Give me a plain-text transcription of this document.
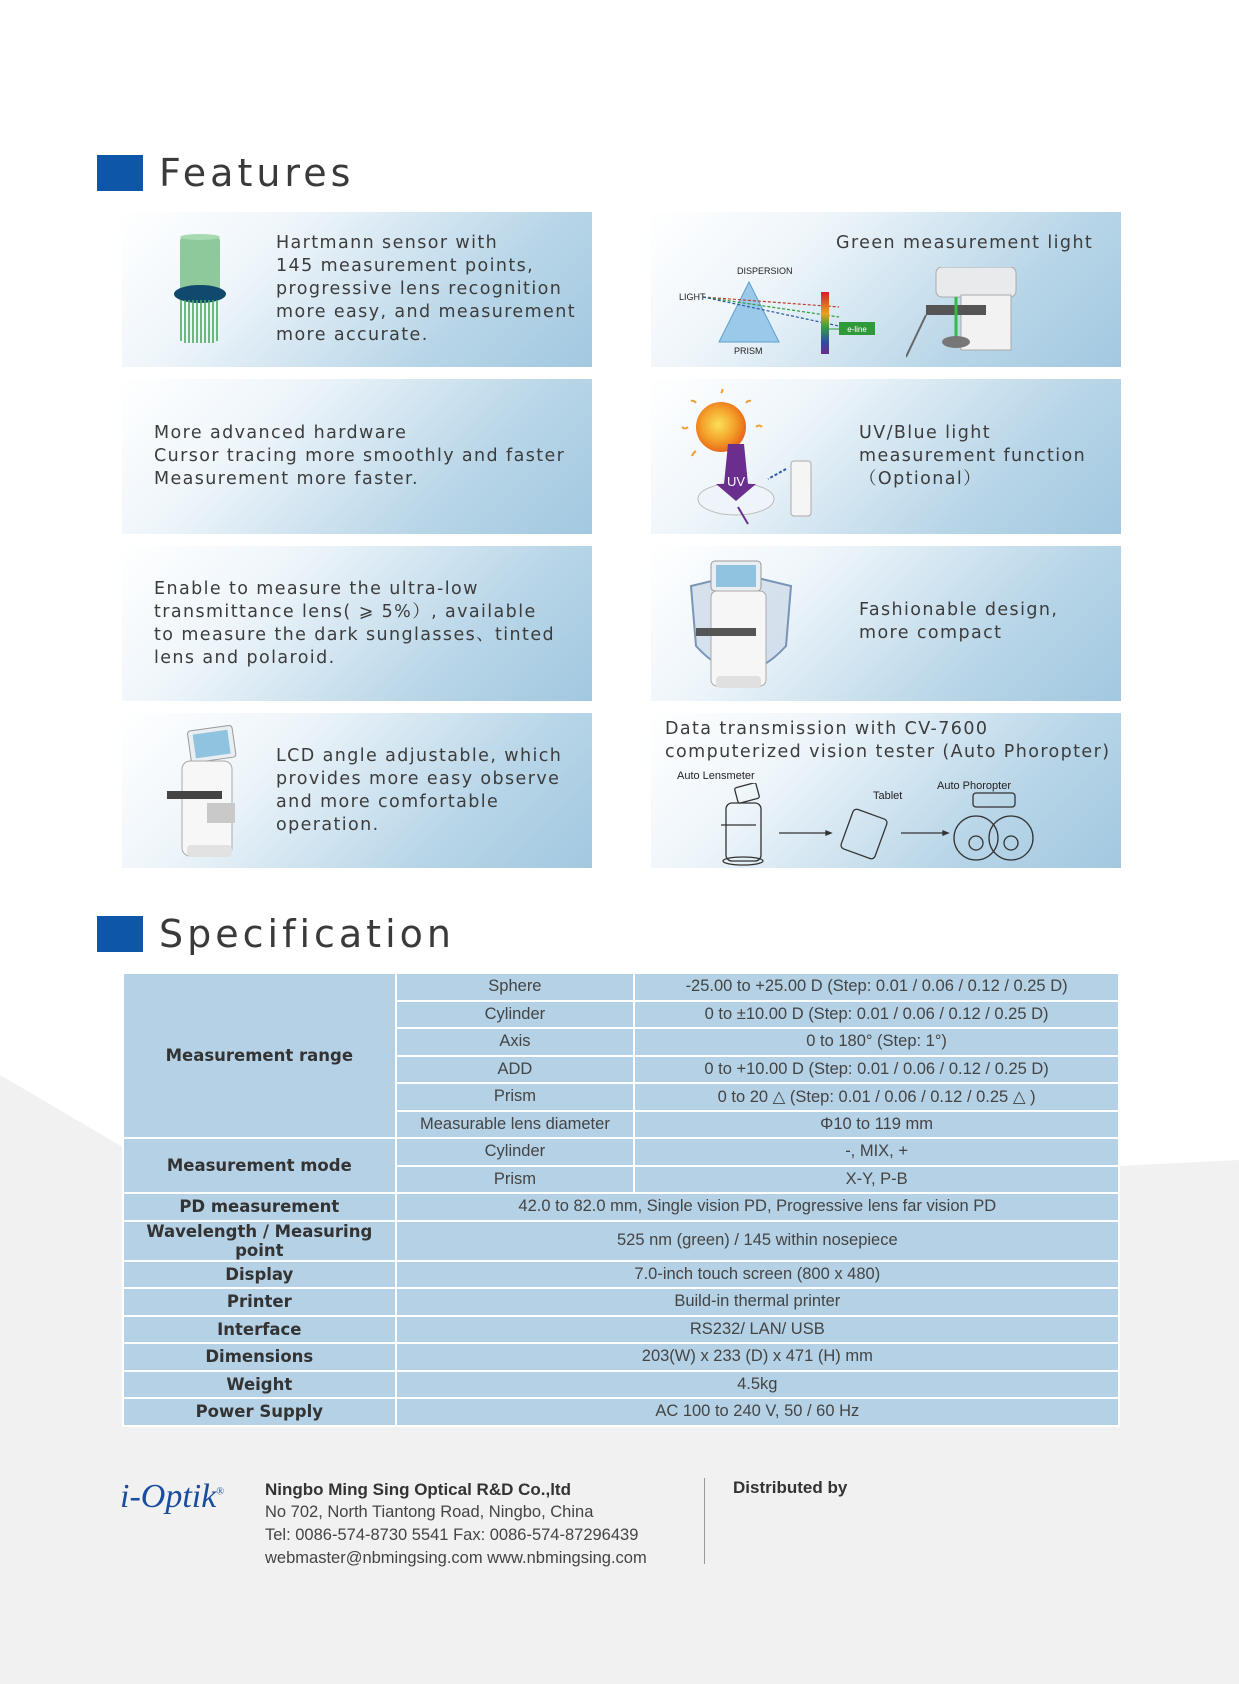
Features
Hartmann sensor with
145 measurement points,
progressive lens recognition
more easy, and measurement
more accurate.
Green measurement light
e-line
DISPERSION
LIGHT
PRISM
More advanced hardware
Cursor tracing more smoothly and faster
Measurement more faster.	UV
UV/Blue light
measurement function
（Optional）
Enable to measure the ultra-low
transmittance lens( ⩾ 5%）, available
to measure the dark sunglasses、tinted
lens and polaroid.
Fashionable design,
more compact
LCD angle adjustable, which
provides more easy observe
and more comfortable
operation.
Data transmission with CV-7600
computerized vision tester (Auto Phoropter)
Auto Lensmeter
Tablet
Auto Phoropter
Specification
Measurement range	Sphere	-25.00 to +25.00 D (Step: 0.01 / 0.06 / 0.12 / 0.25 D)
	Cylinder	0 to ±10.00 D (Step: 0.01 / 0.06 / 0.12 / 0.25 D)
	Axis	0 to 180° (Step: 1°)
	ADD	0 to +10.00 D (Step: 0.01 / 0.06 / 0.12 / 0.25 D)
	Prism	0 to 20 △ (Step: 0.01 / 0.06 / 0.12 / 0.25 △ )
	Measurable lens diameter	Φ10 to 119 mm
Measurement mode	Cylinder	-, MIX, +
	Prism	X-Y, P-B
PD measurement	42.0 to 82.0 mm, Single vision PD, Progressive lens far vision PD	
Wavelength / Measuring point	525 nm (green) / 145 within nosepiece	
Display	7.0-inch touch screen (800 x 480)	
Printer	Build-in thermal printer	
Interface	RS232/ LAN/ USB	
Dimensions	203(W) x 233 (D) x 471 (H) mm	
Weight	4.5kg	
Power Supply	AC 100 to 240 V, 50 / 60 Hz	
i-Optik® Ningbo Ming Sing Optical R&D Co.,ltd
No 702, North Tiantong Road, Ningbo, China
Tel: 0086-574-8730 5541 Fax: 0086-574-87296439
webmaster@nbmingsing.com www.nbmingsing.com
Distributed by
